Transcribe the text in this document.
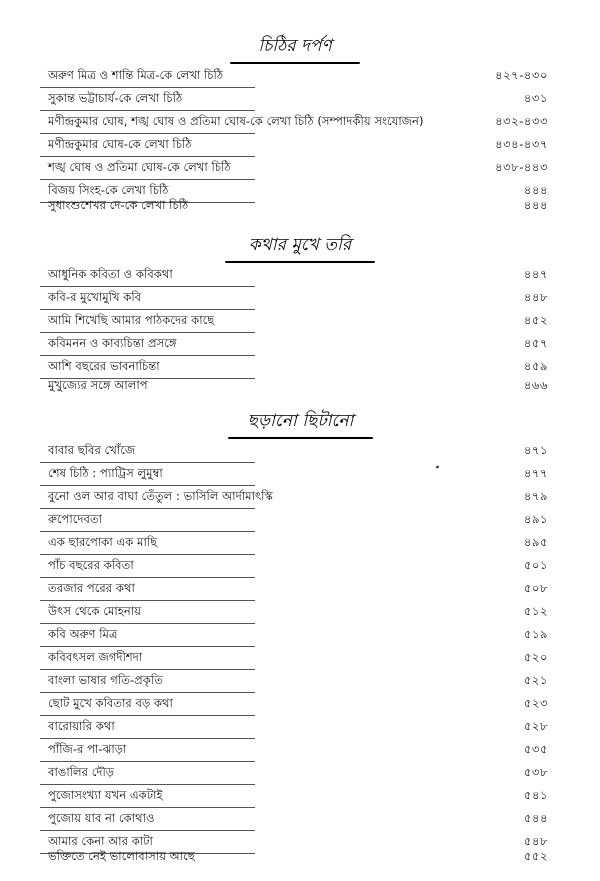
চিঠির দর্পণ
অরুণ মিত্র ও শান্তি মিত্র-কে লেখা চিঠি	৪২৭-৪৩০
সুকান্ত ভট্টাচার্য-কে লেখা চিঠি	৪৩১
মণীন্দ্রকুমার ঘোষ, শঙ্খ ঘোষ ও প্রতিমা ঘোষ-কে লেখা চিঠি (সম্পাদকীয় সংযোজন)	৪৩২-৪৩৩
মণীন্দ্রকুমার ঘোষ-কে লেখা চিঠি	৪৩৪-৪৩৭
শঙ্খ ঘোষ ও প্রতিমা ঘোষ-কে লেখা চিঠি	৪৩৮-৪৪৩
বিজয় সিংহ-কে লেখা চিঠি	৪৪৪
সুধাংশুশেখর দে-কে লেখা চিঠি	৪৪৪
কথার মুখে তরি
আধুনিক কবিতা ও কবিকথা	৪৪৭
কবি-র মুখোমুখি কবি	৪৪৮
আমি শিখেছি আমার পাঠকদের কাছে	৪৫২
কবিমনন ও কাব্যচিন্তা প্রসঙ্গে	৪৫৭
আশি বছরের ভাবনাচিন্তা	৪৫৯
মুখুজ্যের সঙ্গে আলাপ	৪৬৬
ছড়ানো ছিটানো
বাবার ছবির খোঁজে	৪৭১
শেষ চিঠি : প্যাট্রিস লুমুম্বা	৪৭৭
বুনো ওল আর বাঘা তেঁতুল : ভাসিলি আর্দামাৎস্কি	৪৭৯
রুপোদেবতা	৪৯১
এক ছারপোকা এক মাছি	৪৯৫
পাঁচ বছরের কবিতা	৫০১
তরজার পরের কথা	৫০৮
উৎস থেকে মোহনায়	৫১২
কবি অরুণ মিত্র	৫১৯
কবিবৎসল জগদীশদা	৫২০
বাংলা ভাষার গতি-প্রকৃতি	৫২১
ছোট মুখে কবিতার বড় কথা	৫২৩
বারোয়ারি কথা	৫২৮
পাঁজি-র পা-ঝাড়া	৫৩৫
বাঙালির দৌড়	৫৩৮
পুজোসংখ্যা যখন একটাই	৫৪১
পুজোয় যাব না কোথাও	৫৪৪
আমার কেনা আর কাটা	৫৪৮
ভক্তিতে নেই ভালোবাসায় আছে	৫৫২
